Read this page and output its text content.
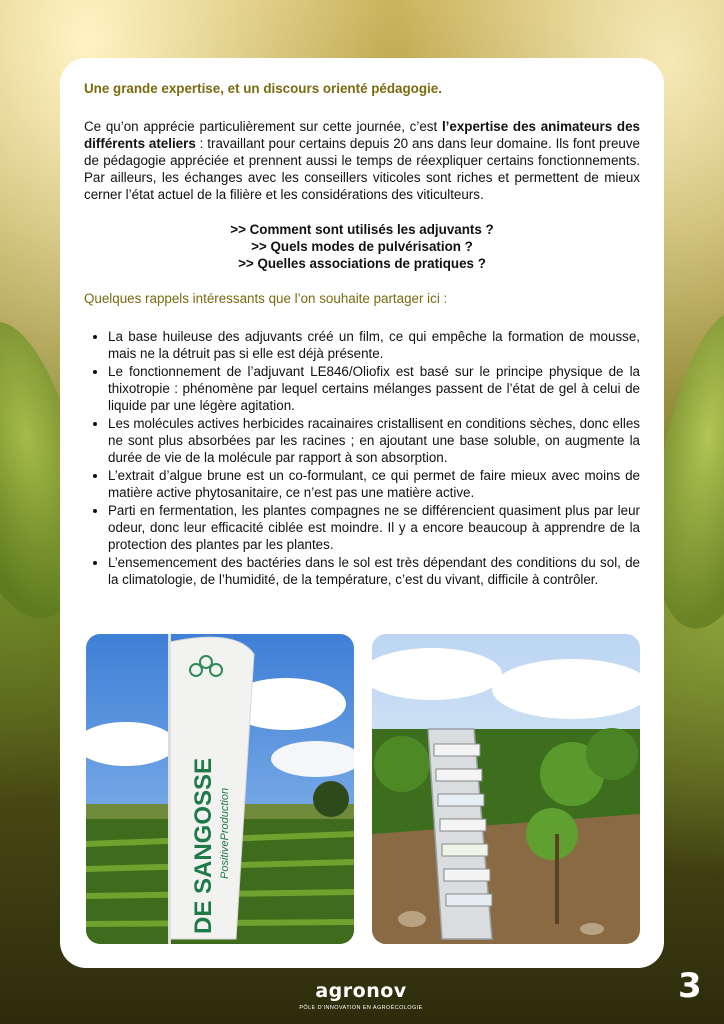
Une grande expertise, et un discours orienté pédagogie.

Ce qu’on apprécie particulièrement sur cette journée, c’est l’expertise des animateurs des différents ateliers : travaillant pour certains depuis 20 ans dans leur domaine. Ils font preuve de pédagogie appréciée et prennent aussi le temps de réexpliquer certains fonctionnements. Par ailleurs, les échanges avec les conseillers viticoles sont riches et permettent de mieux cerner l’état actuel de la filière et les considérations des viticulteurs.

>> Comment sont utilisés les adjuvants ?

>> Quels modes de pulvérisation ?

>> Quelles associations de pratiques ?

Quelques rappels intéressants que l’on souhaite partager ici :

• La base huileuse des adjuvants créé un film, ce qui empêche la formation de mousse, mais ne la détruit pas si elle est déjà présente.
• Le fonctionnement de l’adjuvant LE846/Oliofix est basé sur le principe physique de la thixotropie : phénomène par lequel certains mélanges passent de l’état de gel à celui de liquide par une légère agitation.
• Les molécules actives herbicides racainaires cristallisent en conditions sèches, donc elles ne sont plus absorbées par les racines ; en ajoutant une base soluble, on augmente la durée de vie de la molécule par rapport à son absorption.
• L’extrait d’algue brune est un co-formulant, ce qui permet de faire mieux avec moins de matière active phytosanitaire, ce n’est pas une matière active.
• Parti en fermentation, les plantes compagnes ne se différencient quasiment plus par leur odeur, donc leur efficacité ciblée est moindre. Il y a encore beaucoup à apprendre de la protection des plantes par les plantes.
• L’ensemencement des bactéries dans le sol est très dépendant des conditions du sol, de la climatologie, de l’humidité, de la température, c’est du vivant, difficile à contrôler.
DE SANGOSSE PositiveProduction
agronov
PÔLE D’INNOVATION EN AGROÉCOLOGIE
3
